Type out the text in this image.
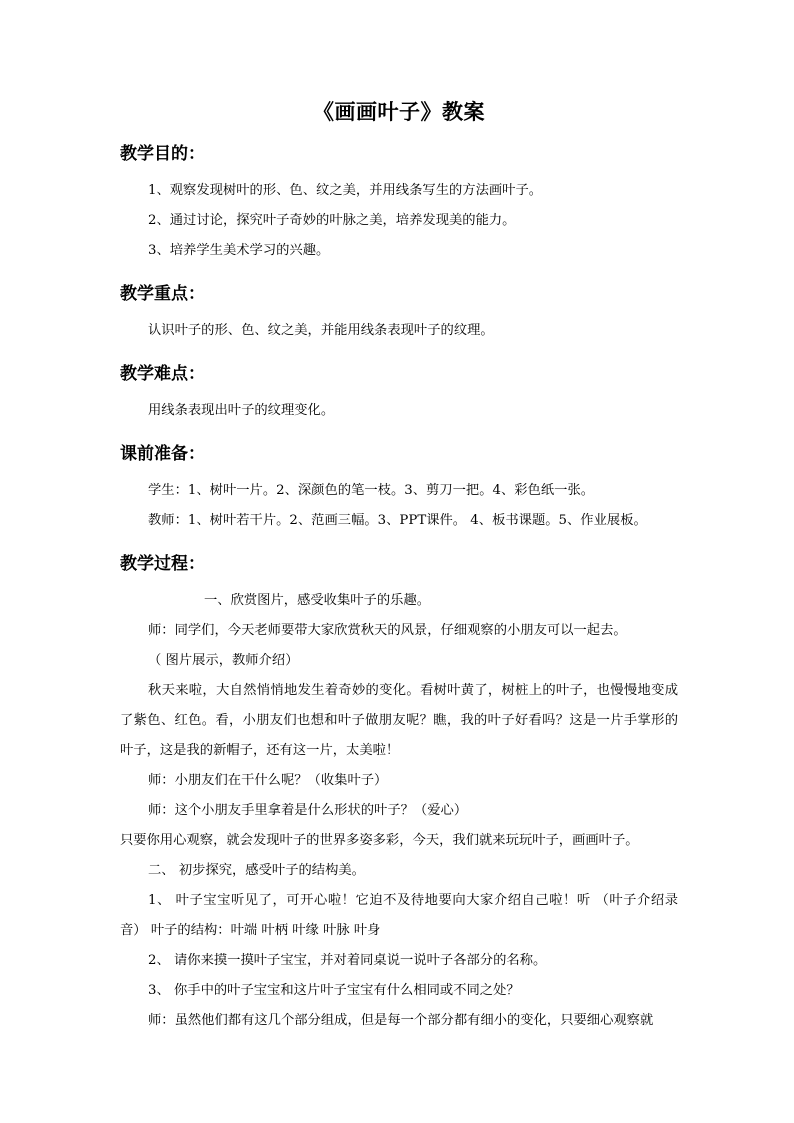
《画画叶子》教案
教学目的：

1、观察发现树叶的形、色、纹之美，并用线条写生的方法画叶子。

2、通过讨论，探究叶子奇妙的叶脉之美，培养发现美的能力。

3、培养学生美术学习的兴趣。

教学重点：

认识叶子的形、色、纹之美，并能用线条表现叶子的纹理。

教学难点：

用线条表现出叶子的纹理变化。

课前准备：

学生：1、树叶一片。2、深颜色的笔一枝。3、剪刀一把。4、彩色纸一张。

教师：1、树叶若干片。2、范画三幅。3、PPT课件。 4、板书课题。5、作业展板。

教学过程：

一、欣赏图片，感受收集叶子的乐趣。

师：同学们，今天老师要带大家欣赏秋天的风景，仔细观察的小朋友可以一起去。

（ 图片展示，教师介绍）

秋天来啦，大自然悄悄地发生着奇妙的变化。看树叶黄了，树桩上的叶子，也慢慢地变成了紫色、红色。看，小朋友们也想和叶子做朋友呢？瞧，我的叶子好看吗？这是一片手掌形的叶子，这是我的新帽子，还有这一片，太美啦！

师：小朋友们在干什么呢？（收集叶子）

师：这个小朋友手里拿着是什么形状的叶子？（爱心）

只要你用心观察，就会发现叶子的世界多姿多彩，今天，我们就来玩玩叶子，画画叶子。

二、 初步探究，感受叶子的结构美。

1、 叶子宝宝听见了，可开心啦！它迫不及待地要向大家介绍自己啦！听 （叶子介绍录音） 叶子的结构：叶端 叶柄 叶缘 叶脉 叶身

2、 请你来摸一摸叶子宝宝，并对着同桌说一说叶子各部分的名称。

3、 你手中的叶子宝宝和这片叶子宝宝有什么相同或不同之处？

师：虽然他们都有这几个部分组成，但是每一个部分都有细小的变化，只要细心观察就
